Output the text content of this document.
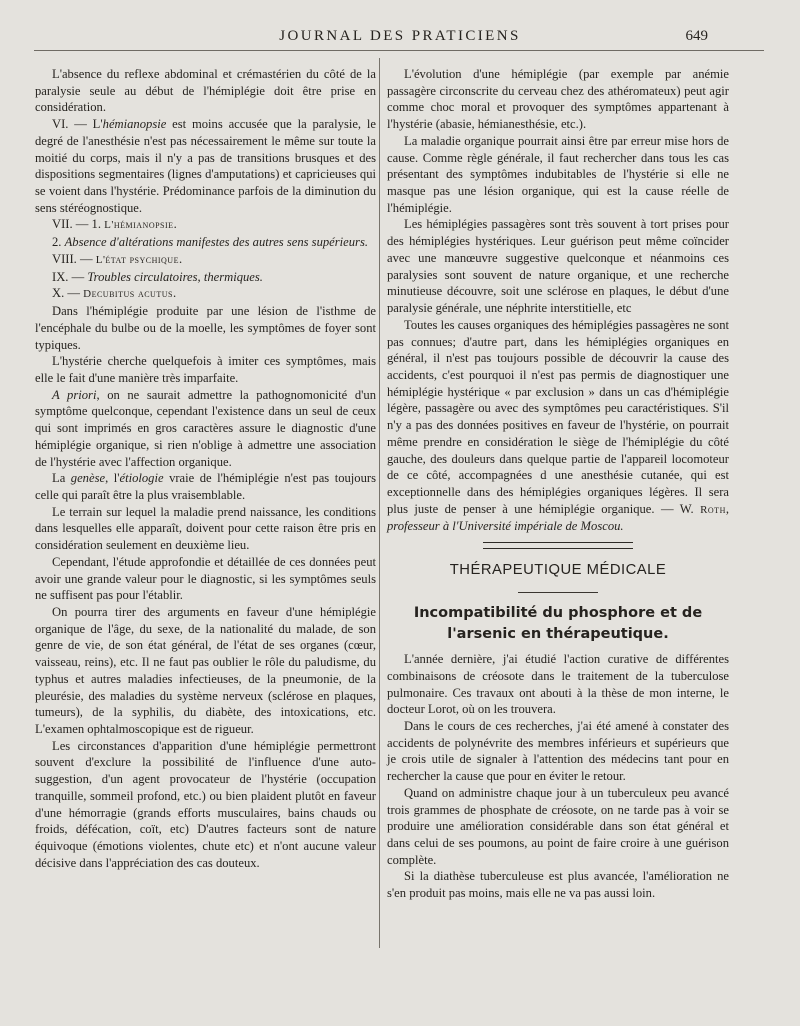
JOURNAL DES PRATICIENS	649

L'absence du reflexe abdominal et crémastérien du côté de la paralysie seule au début de l'hémiplégie doit être prise en considération.

VI. — L'hémianopsie est moins accusée que la paralysie, le degré de l'anesthésie n'est pas nécessairement le même sur toute la moitié du corps, mais il n'y a pas de transitions brusques et des dispositions segmentaires (lignes d'amputations) et capricieuses qui se voient dans l'hystérie. Prédominance parfois de la diminution du sens stéréognostique.

VII. — 1. L'hémianopsie.

2. Absence d'altérations manifestes des autres sens supérieurs.

VIII. — L'état psychique.

IX. — Troubles circulatoires, thermiques.

X. — Decubitus acutus.

Dans l'hémiplégie produite par une lésion de l'isthme de l'encéphale du bulbe ou de la moelle, les symptômes de foyer sont typiques.

L'hystérie cherche quelquefois à imiter ces symptômes, mais elle le fait d'une manière très imparfaite.

A priori, on ne saurait admettre la pathognomonicité d'un symptôme quelconque, cependant l'existence dans un seul de ceux qui sont imprimés en gros caractères assure le diagnostic d'une hémiplégie organique, si rien n'oblige à admettre une association de l'hystérie avec l'affection organique.

La genèse, l'étiologie vraie de l'hémiplégie n'est pas toujours celle qui paraît être la plus vraisemblable.

Le terrain sur lequel la maladie prend naissance, les conditions dans lesquelles elle apparaît, doivent pour cette raison être pris en considération seulement en deuxième lieu.

Cependant, l'étude approfondie et détaillée de ces données peut avoir une grande valeur pour le diagnostic, si les symptômes seuls ne suffisent pas pour l'établir.

On pourra tirer des arguments en faveur d'une hémiplégie organique de l'âge, du sexe, de la nationalité du malade, de son genre de vie, de son état général, de l'état de ses organes (cœur, vaisseau, reins), etc. Il ne faut pas oublier le rôle du paludisme, du typhus et autres maladies infectieuses, de la pneumonie, de la pleurésie, des maladies du système nerveux (sclérose en plaques, tumeurs), de la syphilis, du diabète, des intoxications, etc. L'examen ophtalmoscopique est de rigueur.

Les circonstances d'apparition d'une hémiplégie permettront souvent d'exclure la possibilité de l'influence d'une auto-suggestion, d'un agent provocateur de l'hystérie (occupation tranquille, sommeil profond, etc.) ou bien plaident plutôt en faveur d'une hémorragie (grands efforts musculaires, bains chauds ou froids, défécation, coït, etc) D'autres facteurs sont de nature équivoque (émotions violentes, chute etc) et n'ont aucune valeur décisive dans l'appréciation des cas douteux.

L'évolution d'une hémiplégie (par exemple par anémie passagère circonscrite du cerveau chez des athéromateux) peut agir comme choc moral et provoquer des symptômes appartenant à l'hystérie (abasie, hémianesthésie, etc.).

La maladie organique pourrait ainsi être par erreur mise hors de cause. Comme règle générale, il faut rechercher dans tous les cas présentant des symptômes indubitables de l'hystérie si elle ne masque pas une lésion organique, qui est la cause réelle de l'hémiplégie.

Les hémiplégies passagères sont très souvent à tort prises pour des hémiplégies hystériques. Leur guérison peut même coïncider avec une manœuvre suggestive quelconque et néanmoins ces paralysies sont souvent de nature organique, et une recherche minutieuse découvre, soit une sclérose en plaques, le début d'une paralysie générale, une néphrite interstitielle, etc

Toutes les causes organiques des hémiplégies passagères ne sont pas connues; d'autre part, dans les hémiplégies organiques en général, il n'est pas toujours possible de découvrir la cause des accidents, c'est pourquoi il n'est pas permis de diagnostiquer une hémiplégie hystérique « par exclusion » dans un cas d'hémiplégie légère, passagère ou avec des symptômes peu caractéristiques. S'il n'y a pas des données positives en faveur de l'hystérie, on pourrait même prendre en considération le siège de l'hémiplégie du côté gauche, des douleurs dans quelque partie de l'appareil locomoteur de ce côté, accompagnées d une anesthésie cutanée, qui est exceptionnelle dans des hémiplégies organiques légères. Il sera plus juste de penser à une hémiplégie organique. — W. Roth, professeur à l'Université impériale de Moscou.

THÉRAPEUTIQUE MÉDICALE
Incompatibilité du phosphore et de l'arsenic en thérapeutique.

L'année dernière, j'ai étudié l'action curative de différentes combinaisons de créosote dans le traitement de la tuberculose pulmonaire. Ces travaux ont abouti à la thèse de mon interne, le docteur Lorot, où on les trouvera.

Dans le cours de ces recherches, j'ai été amené à constater des accidents de polynévrite des membres inférieurs et supérieurs que je crois utile de signaler à l'attention des médecins tant pour en rechercher la cause que pour en éviter le retour.

Quand on administre chaque jour à un tuberculeux peu avancé trois grammes de phosphate de créosote, on ne tarde pas à voir se produire une amélioration considérable dans son état général et dans celui de ses poumons, au point de faire croire à une guérison complète.

Si la diathèse tuberculeuse est plus avancée, l'amélioration ne s'en produit pas moins, mais elle ne va pas aussi loin.
